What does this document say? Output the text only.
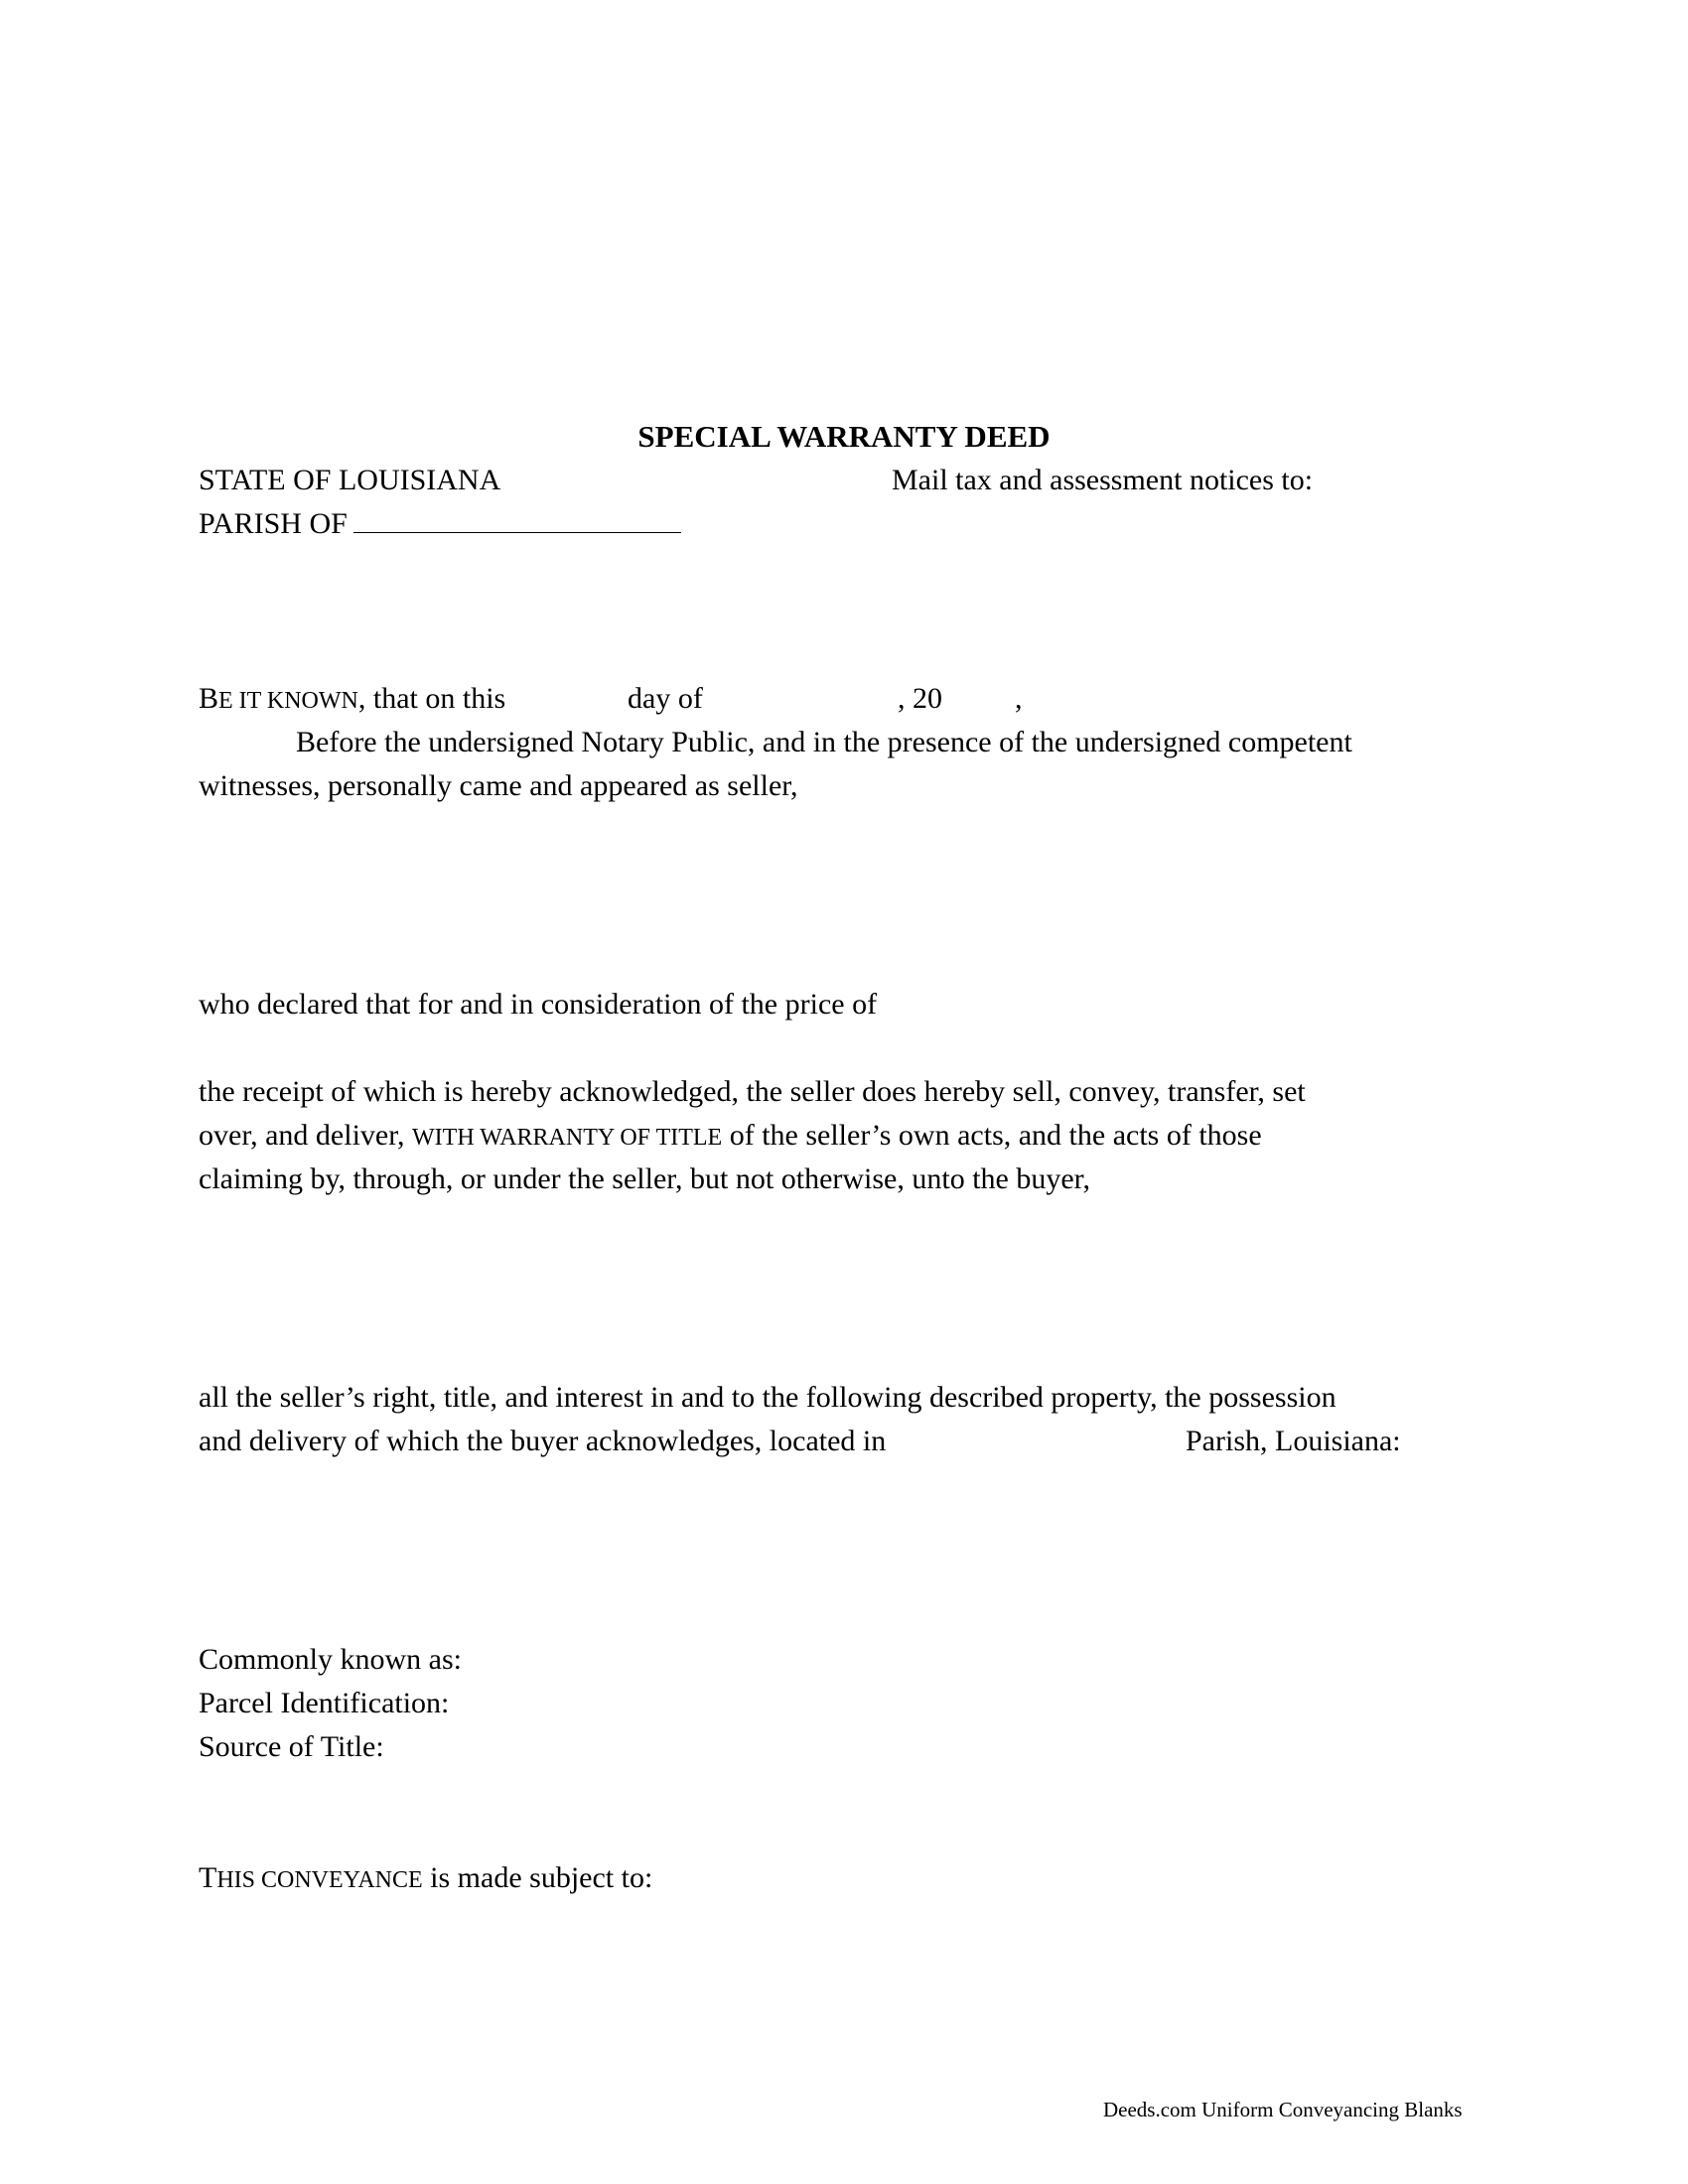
SPECIAL WARRANTY DEED
STATE OF LOUISIANA	Mail tax and assessment notices to:
PARISH OF
BE IT KNOWN, that on this	day of	, 20 ,
Before the undersigned Notary Public, and in the presence of the undersigned competent
witnesses, personally came and appeared as seller,
who declared that for and in consideration of the price of
the receipt of which is hereby acknowledged, the seller does hereby sell, convey, transfer, set
over, and deliver, WITH WARRANTY OF TITLE of the seller’s own acts, and the acts of those
claiming by, through, or under the seller, but not otherwise, unto the buyer,
all the seller’s right, title, and interest in and to the following described property, the possession
and delivery of which the buyer acknowledges, located in	Parish, Louisiana:
Commonly known as:
Parcel Identification:
Source of Title:
THIS CONVEYANCE is made subject to:
Deeds.com Uniform Conveyancing Blanks
